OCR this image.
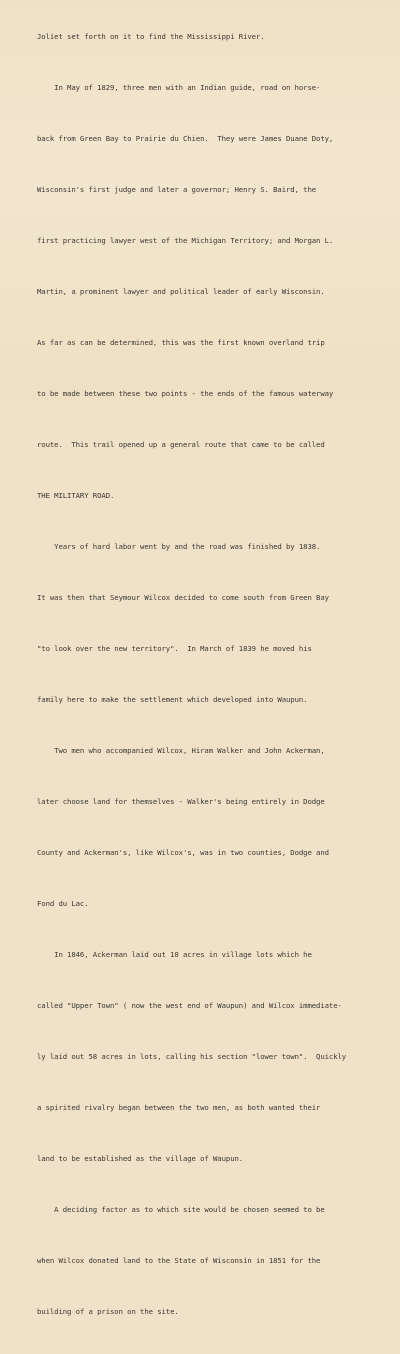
Joliet set forth on it to find the Mississippi River.

In May of 1829, three men with an Indian guide, road on horse-

back from Green Bay to Prairie du Chien.  They were James Duane Doty,

Wisconsin's first judge and later a governor; Henry S. Baird, the

first practicing lawyer west of the Michigan Territory; and Morgan L.

Martin, a prominent lawyer and political leader of early Wisconsin.

As far as can be determined, this was the first known overland trip

to be made between these two points - the ends of the famous waterway

route.  This trail opened up a general route that came to be called

THE MILITARY ROAD.

Years of hard labor went by and the road was finished by 1838.

It was then that Seymour Wilcox decided to come south from Green Bay

"to look over the new territory".  In March of 1839 he moved his

family here to make the settlement which developed into Waupun.

Two men who accompanied Wilcox, Hiram Walker and John Ackerman,

later choose land for themselves - Walker's being entirely in Dodge

County and Ackerman's, like Wilcox's, was in two counties, Dodge and

Fond du Lac.

In 1846, Ackerman laid out 10 acres in village lots which he

called "Upper Town" ( now the west end of Waupun) and Wilcox immediate-

ly laid out 58 acres in lots, calling his section "lower town".  Quickly

a spirited rivalry began between the two men, as both wanted their

land to be established as the village of Waupun.

A deciding factor as to which site would be chosen seemed to be

when Wilcox donated land to the State of Wisconsin in 1851 for the

building of a prison on the site.
